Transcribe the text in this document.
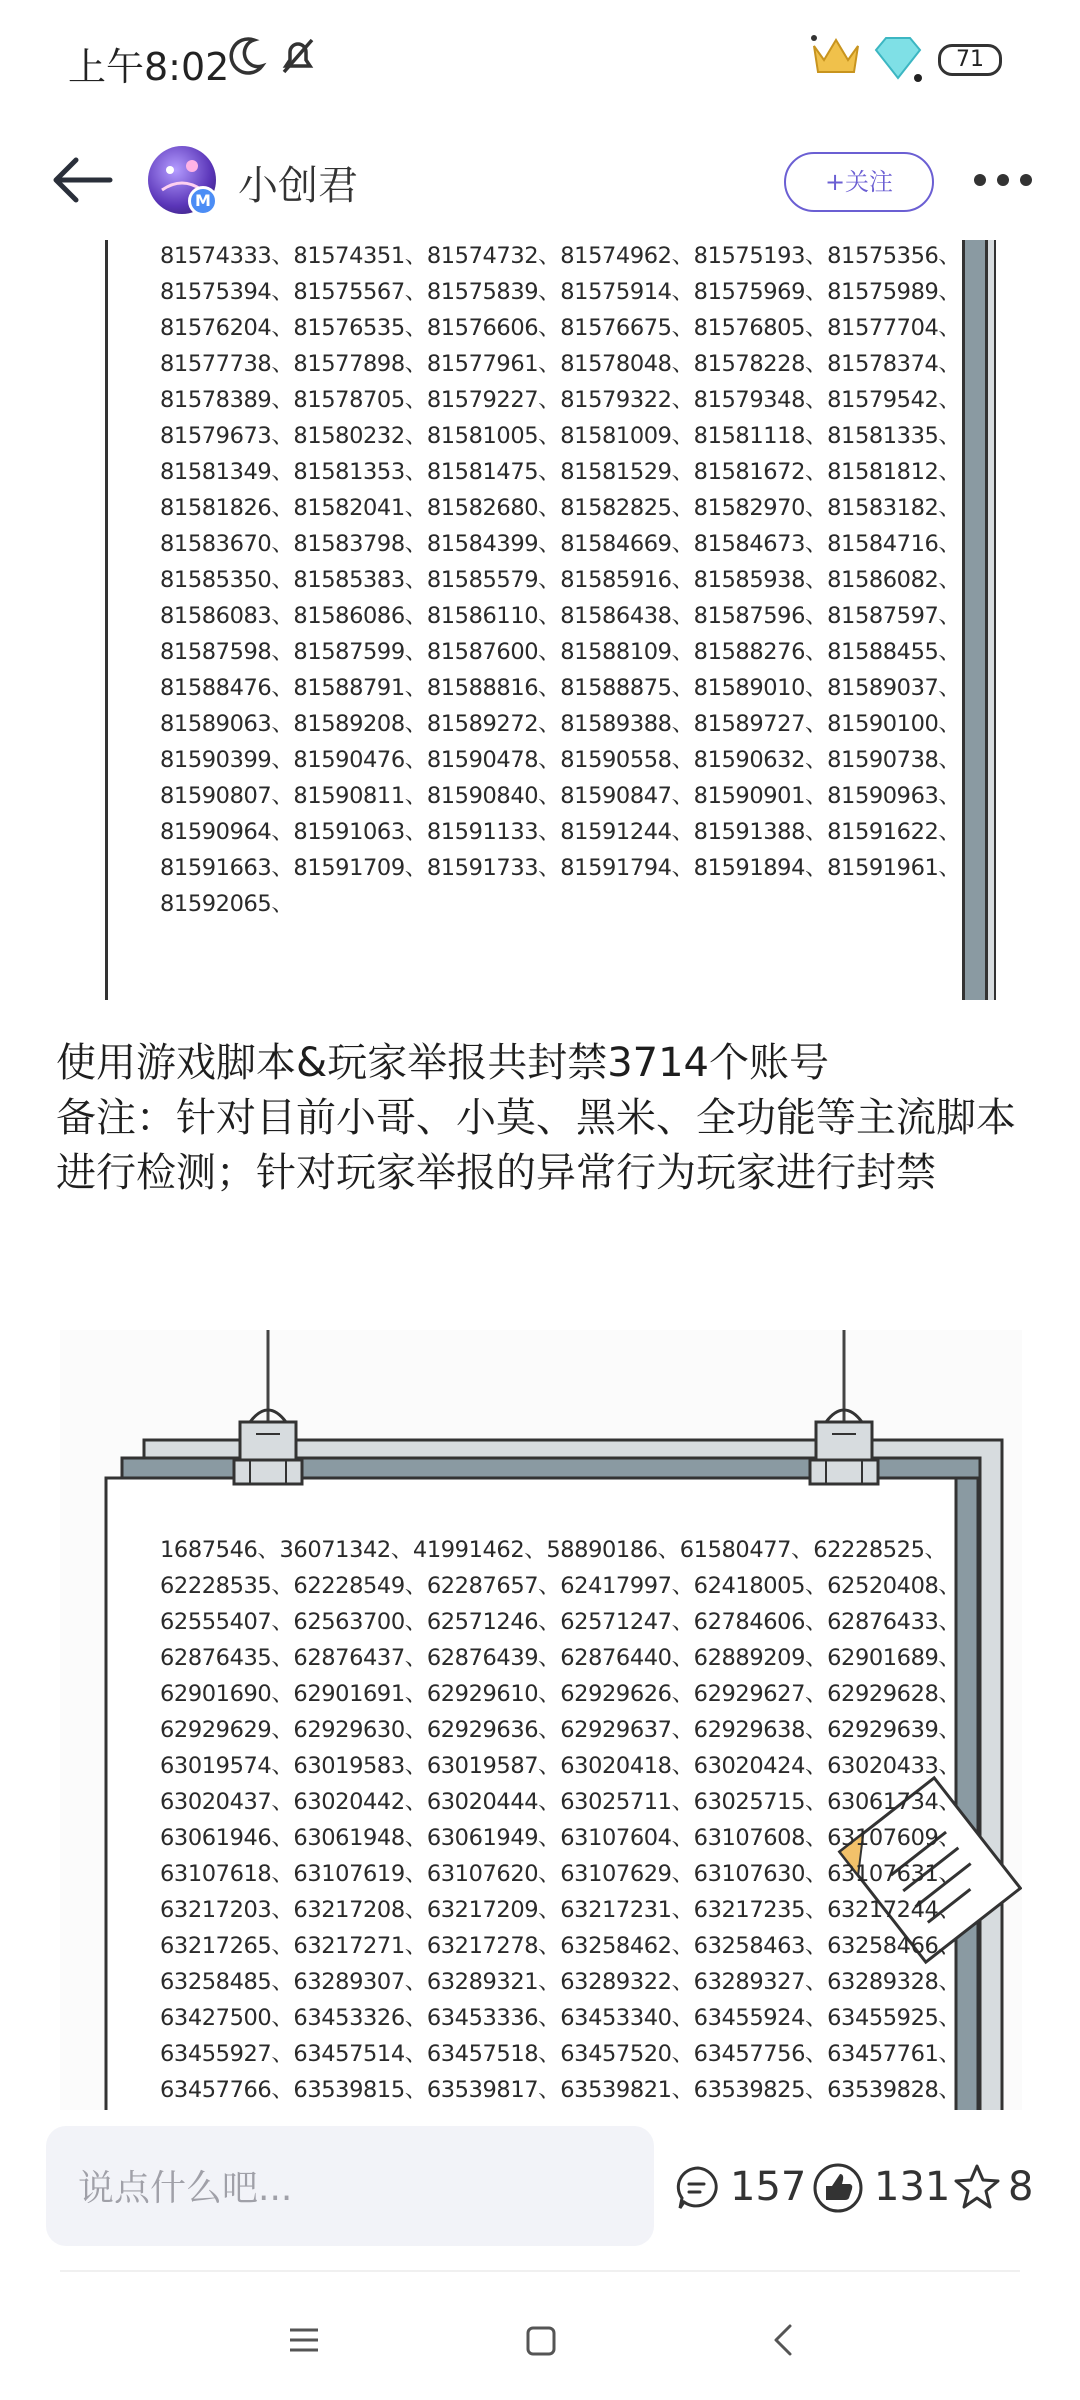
上午8:02	71
M 小创君	+关注
81574333、81574351、81574732、81574962、81575193、81575356、
81575394、81575567、81575839、81575914、81575969、81575989、
81576204、81576535、81576606、81576675、81576805、81577704、
81577738、81577898、81577961、81578048、81578228、81578374、
81578389、81578705、81579227、81579322、81579348、81579542、
81579673、81580232、81581005、81581009、81581118、81581335、
81581349、81581353、81581475、81581529、81581672、81581812、
81581826、81582041、81582680、81582825、81582970、81583182、
81583670、81583798、81584399、81584669、81584673、81584716、
81585350、81585383、81585579、81585916、81585938、81586082、
81586083、81586086、81586110、81586438、81587596、81587597、
81587598、81587599、81587600、81588109、81588276、81588455、
81588476、81588791、81588816、81588875、81589010、81589037、
81589063、81589208、81589272、81589388、81589727、81590100、
81590399、81590476、81590478、81590558、81590632、81590738、
81590807、81590811、81590840、81590847、81590901、81590963、
81590964、81591063、81591133、81591244、81591388、81591622、
81591663、81591709、81591733、81591794、81591894、81591961、
81592065、

使用游戏脚本&玩家举报共封禁3714个账号

备注：针对目前小哥、小莫、黑米、全功能等主流脚本进行检测；针对玩家举报的异常行为玩家进行封禁

1687546、36071342、41991462、58890186、61580477、62228525、
62228535、62228549、62287657、62417997、62418005、62520408、
62555407、62563700、62571246、62571247、62784606、62876433、
62876435、62876437、62876439、62876440、62889209、62901689、
62901690、62901691、62929610、62929626、62929627、62929628、
62929629、62929630、62929636、62929637、62929638、62929639、
63019574、63019583、63019587、63020418、63020424、63020433、
63020437、63020442、63020444、63025711、63025715、63061734、
63061946、63061948、63061949、63107604、63107608、63107609、
63107618、63107619、63107620、63107629、63107630、63107631、
63217203、63217208、63217209、63217231、63217235、63217244、
63217265、63217271、63217278、63258462、63258463、63258466、
63258485、63289307、63289321、63289322、63289327、63289328、
63427500、63453326、63453336、63453340、63455924、63455925、
63455927、63457514、63457518、63457520、63457756、63457761、
63457766、63539815、63539817、63539821、63539825、63539828、
说点什么吧...	157 131 8
